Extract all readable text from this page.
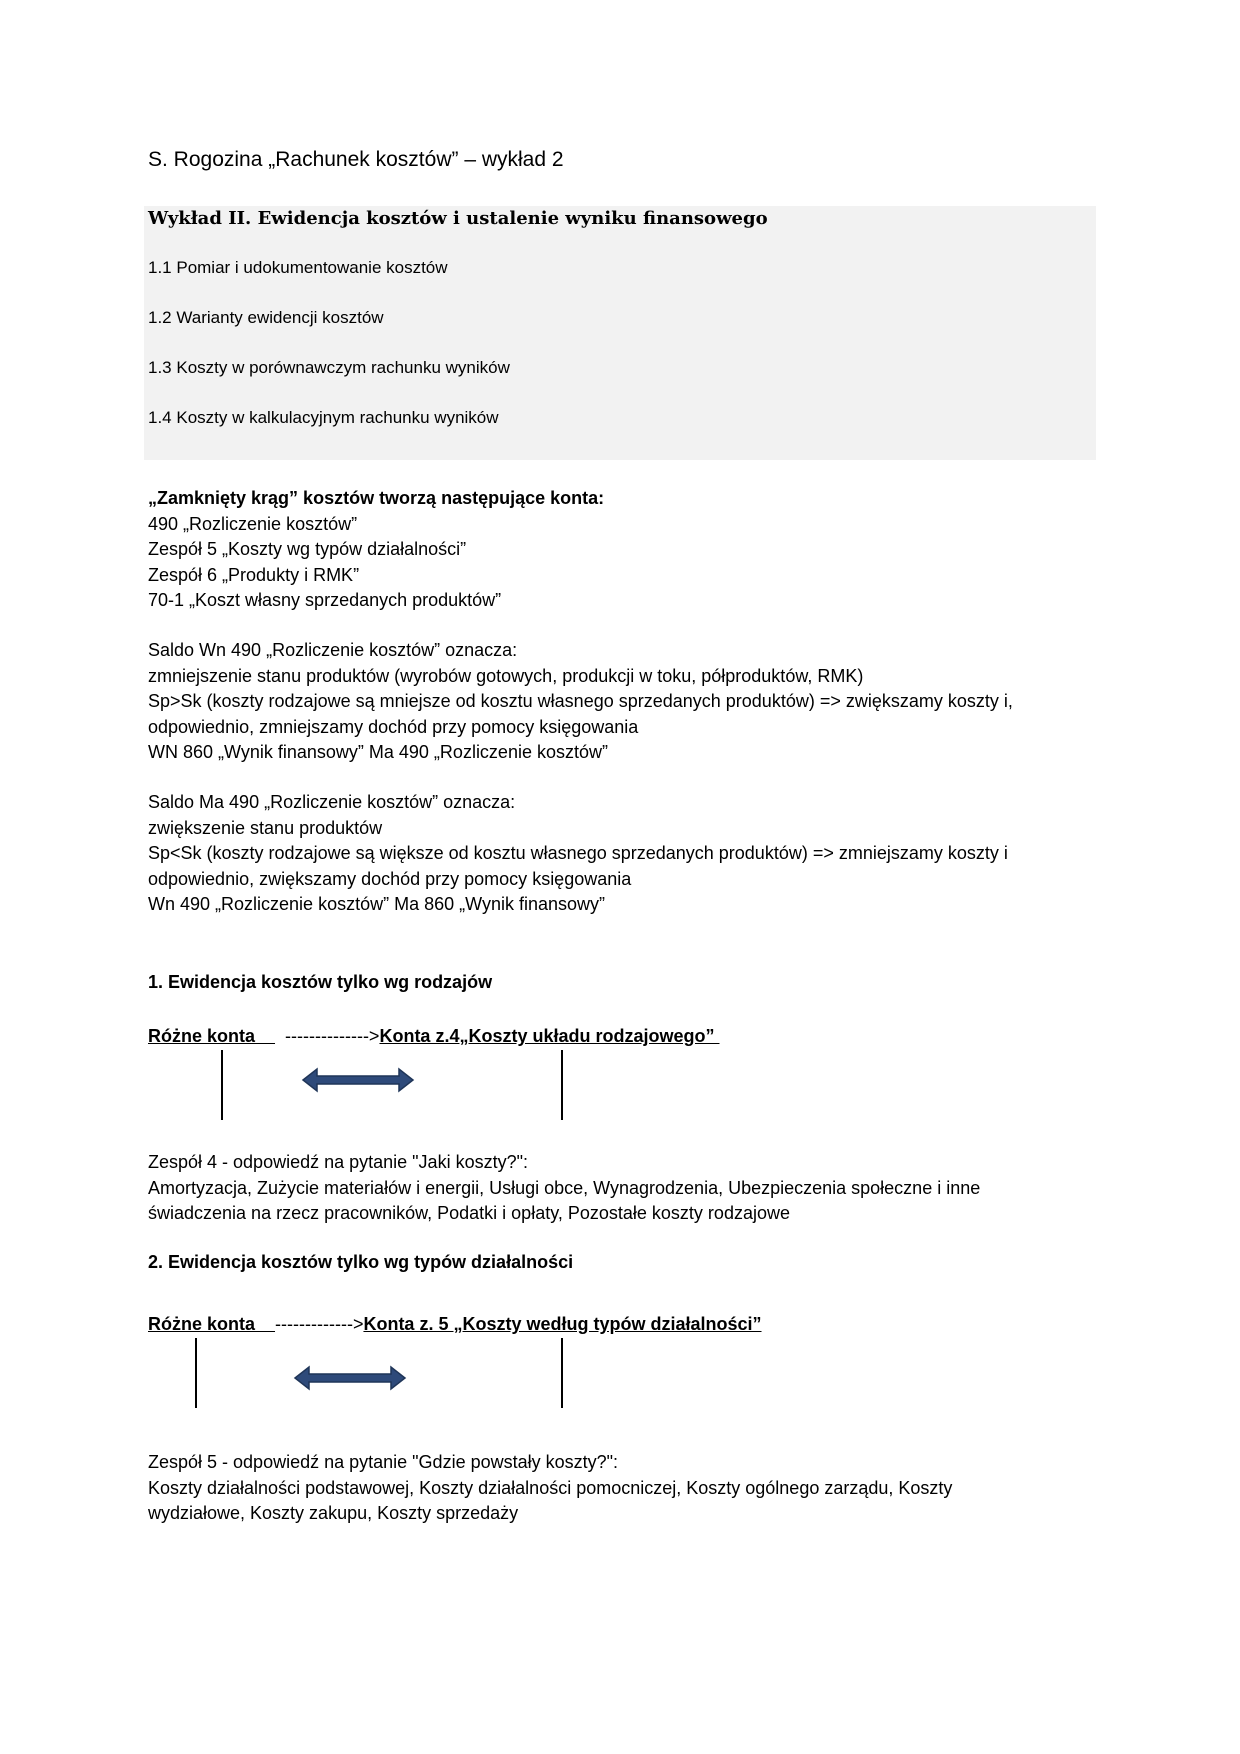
S. Rogozina „Rachunek kosztów” – wykład 2

Wykład II. Ewidencja kosztów i ustalenie wyniku finansowego

1.1 Pomiar i udokumentowanie kosztów

1.2 Warianty ewidencji kosztów

1.3 Koszty w porównawczym rachunku wyników

1.4 Koszty w kalkulacyjnym rachunku wyników

„Zamknięty krąg” kosztów tworzą następujące konta:
490 „Rozliczenie kosztów”
Zespół 5 „Koszty wg typów działalności”
Zespół 6 „Produkty i RMK”
70-1 „Koszt własny sprzedanych produktów”
Saldo Wn 490 „Rozliczenie kosztów” oznacza:
zmniejszenie stanu produktów (wyrobów gotowych, produkcji w toku, półproduktów, RMK)
Sp>Sk (koszty rodzajowe są mniejsze od kosztu własnego sprzedanych produktów) => zwiększamy koszty i,
odpowiednio, zmniejszamy dochód przy pomocy księgowania
WN 860 „Wynik finansowy” Ma 490 „Rozliczenie kosztów”
Saldo Ma 490 „Rozliczenie kosztów” oznacza:
zwiększenie stanu produktów
Sp<Sk (koszty rodzajowe są większe od kosztu własnego sprzedanych produktów) => zmniejszamy koszty i
odpowiednio, zwiększamy dochód przy pomocy księgowania
Wn 490 „Rozliczenie kosztów” Ma 860 „Wynik finansowy”

1. Ewidencja kosztów tylko wg rodzajów

Różne konta      -------------->Konta z.4„Koszty układu rodzajowego”
Zespół 4 - odpowiedź na pytanie "Jaki koszty?":
Amortyzacja, Zużycie materiałów i energii, Usługi obce, Wynagrodzenia, Ubezpieczenia społeczne i inne
świadczenia na rzecz pracowników, Podatki i opłaty, Pozostałe koszty rodzajowe

2. Ewidencja kosztów tylko wg typów działalności

Różne konta    ------------->Konta z. 5 „Koszty według typów działalności”
Zespół 5 - odpowiedź na pytanie "Gdzie powstały koszty?":
Koszty działalności podstawowej, Koszty działalności pomocniczej, Koszty ogólnego zarządu, Koszty
wydziałowe, Koszty zakupu, Koszty sprzedaży
